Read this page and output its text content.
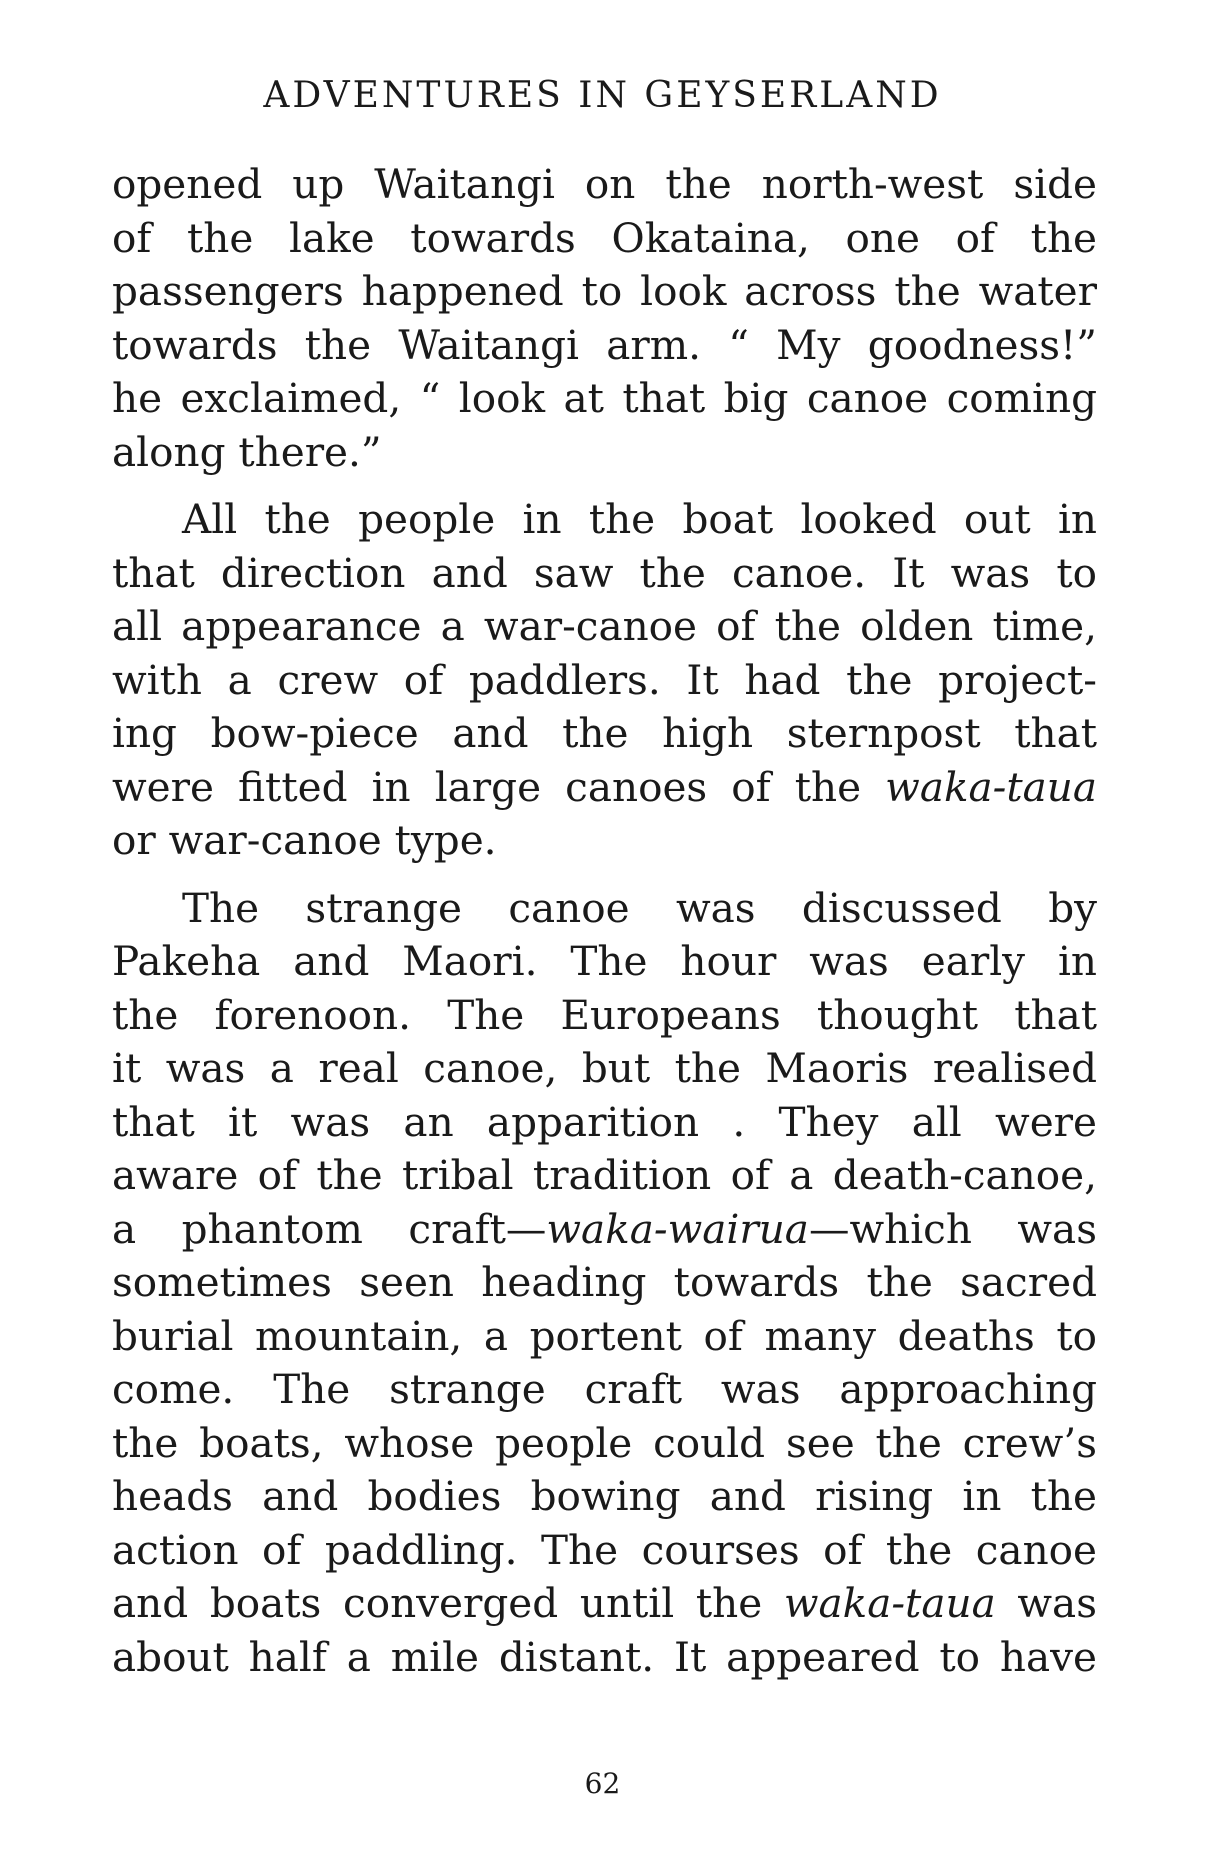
ADVENTURES IN GEYSERLAND

opened up Waitangi on the north-west side
of the lake towards Okataina, one of the
passengers happened to look across the water
towards the Waitangi arm. “ My goodness!”
he exclaimed, “ look at that big canoe coming
along there.”

All the people in the boat looked out in
that direction and saw the canoe. It was to
all appearance a war-canoe of the olden time,
with a crew of paddlers. It had the project-
ing bow-piece and the high sternpost that
were fitted in large canoes of the waka-taua
or war-canoe type.

The strange canoe was discussed by
Pakeha and Maori. The hour was early in
the forenoon. The Europeans thought that
it was a real canoe, but the Maoris realised
that it was an apparition . They all were
aware of the tribal tradition of a death-canoe,
a phantom craft—waka-wairua—which was
sometimes seen heading towards the sacred
burial mountain, a portent of many deaths to
come. The strange craft was approaching
the boats, whose people could see the crew’s
heads and bodies bowing and rising in the
action of paddling. The courses of the canoe
and boats converged until the waka-taua was
about half a mile distant. It appeared to have

62
